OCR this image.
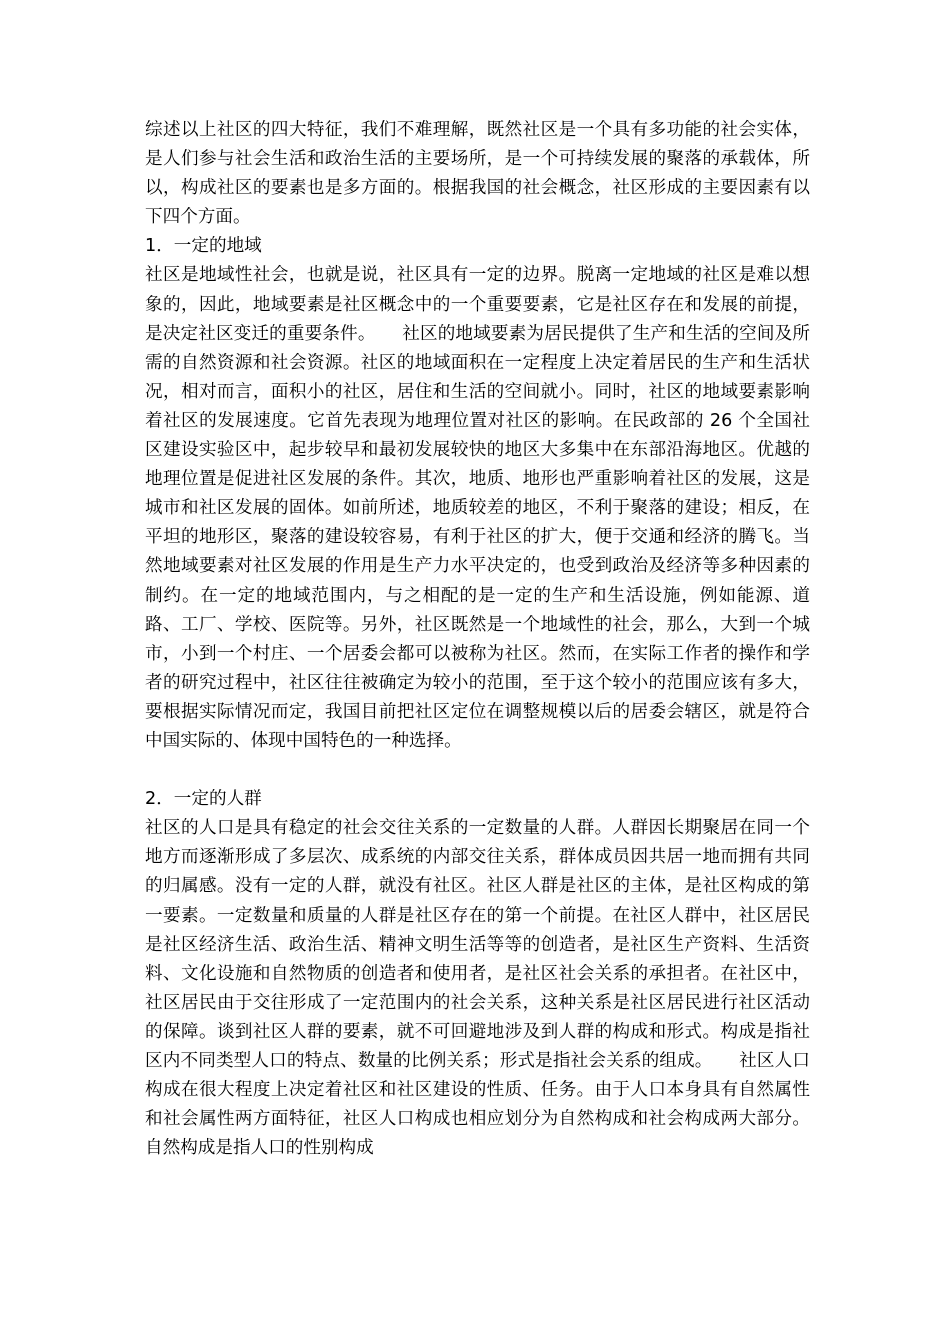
综述以上社区的四大特征，我们不难理解，既然社区是一个具有多功能的社会实体，是人们参与社会生活和政治生活的主要场所，是一个可持续发展的聚落的承载体，所以，构成社区的要素也是多方面的。根据我国的社会概念，社区形成的主要因素有以下四个方面。

1．一定的地域

社区是地域性社会，也就是说，社区具有一定的边界。脱离一定地域的社区是难以想象的，因此，地域要素是社区概念中的一个重要要素，它是社区存在和发展的前提，是决定社区变迁的重要条件。　　社区的地域要素为居民提供了生产和生活的空间及所需的自然资源和社会资源。社区的地域面积在一定程度上决定着居民的生产和生活状况，相对而言，面积小的社区，居住和生活的空间就小。同时，社区的地域要素影响着社区的发展速度。它首先表现为地理位置对社区的影响。在民政部的 26 个全国社区建设实验区中，起步较早和最初发展较快的地区大多集中在东部沿海地区。优越的地理位置是促进社区发展的条件。其次，地质、地形也严重影响着社区的发展，这是城市和社区发展的固体。如前所述，地质较差的地区，不利于聚落的建设；相反，在平坦的地形区，聚落的建设较容易，有利于社区的扩大，便于交通和经济的腾飞。当然地域要素对社区发展的作用是生产力水平决定的，也受到政治及经济等多种因素的制约。在一定的地域范围内，与之相配的是一定的生产和生活设施，例如能源、道路、工厂、学校、医院等。另外，社区既然是一个地域性的社会，那么，大到一个城市，小到一个村庄、一个居委会都可以被称为社区。然而，在实际工作者的操作和学者的研究过程中，社区往往被确定为较小的范围，至于这个较小的范围应该有多大，要根据实际情况而定，我国目前把社区定位在调整规模以后的居委会辖区，就是符合中国实际的、体现中国特色的一种选择。

2．一定的人群

社区的人口是具有稳定的社会交往关系的一定数量的人群。人群因长期聚居在同一个地方而逐渐形成了多层次、成系统的内部交往关系，群体成员因共居一地而拥有共同的归属感。没有一定的人群，就没有社区。社区人群是社区的主体，是社区构成的第一要素。一定数量和质量的人群是社区存在的第一个前提。在社区人群中，社区居民是社区经济生活、政治生活、精神文明生活等等的创造者，是社区生产资料、生活资料、文化设施和自然物质的创造者和使用者，是社区社会关系的承担者。在社区中，社区居民由于交往形成了一定范围内的社会关系，这种关系是社区居民进行社区活动的保障。谈到社区人群的要素，就不可回避地涉及到人群的构成和形式。构成是指社区内不同类型人口的特点、数量的比例关系；形式是指社会关系的组成。　　社区人口构成在很大程度上决定着社区和社区建设的性质、任务。由于人口本身具有自然属性和社会属性两方面特征，社区人口构成也相应划分为自然构成和社会构成两大部分。自然构成是指人口的性别构成
